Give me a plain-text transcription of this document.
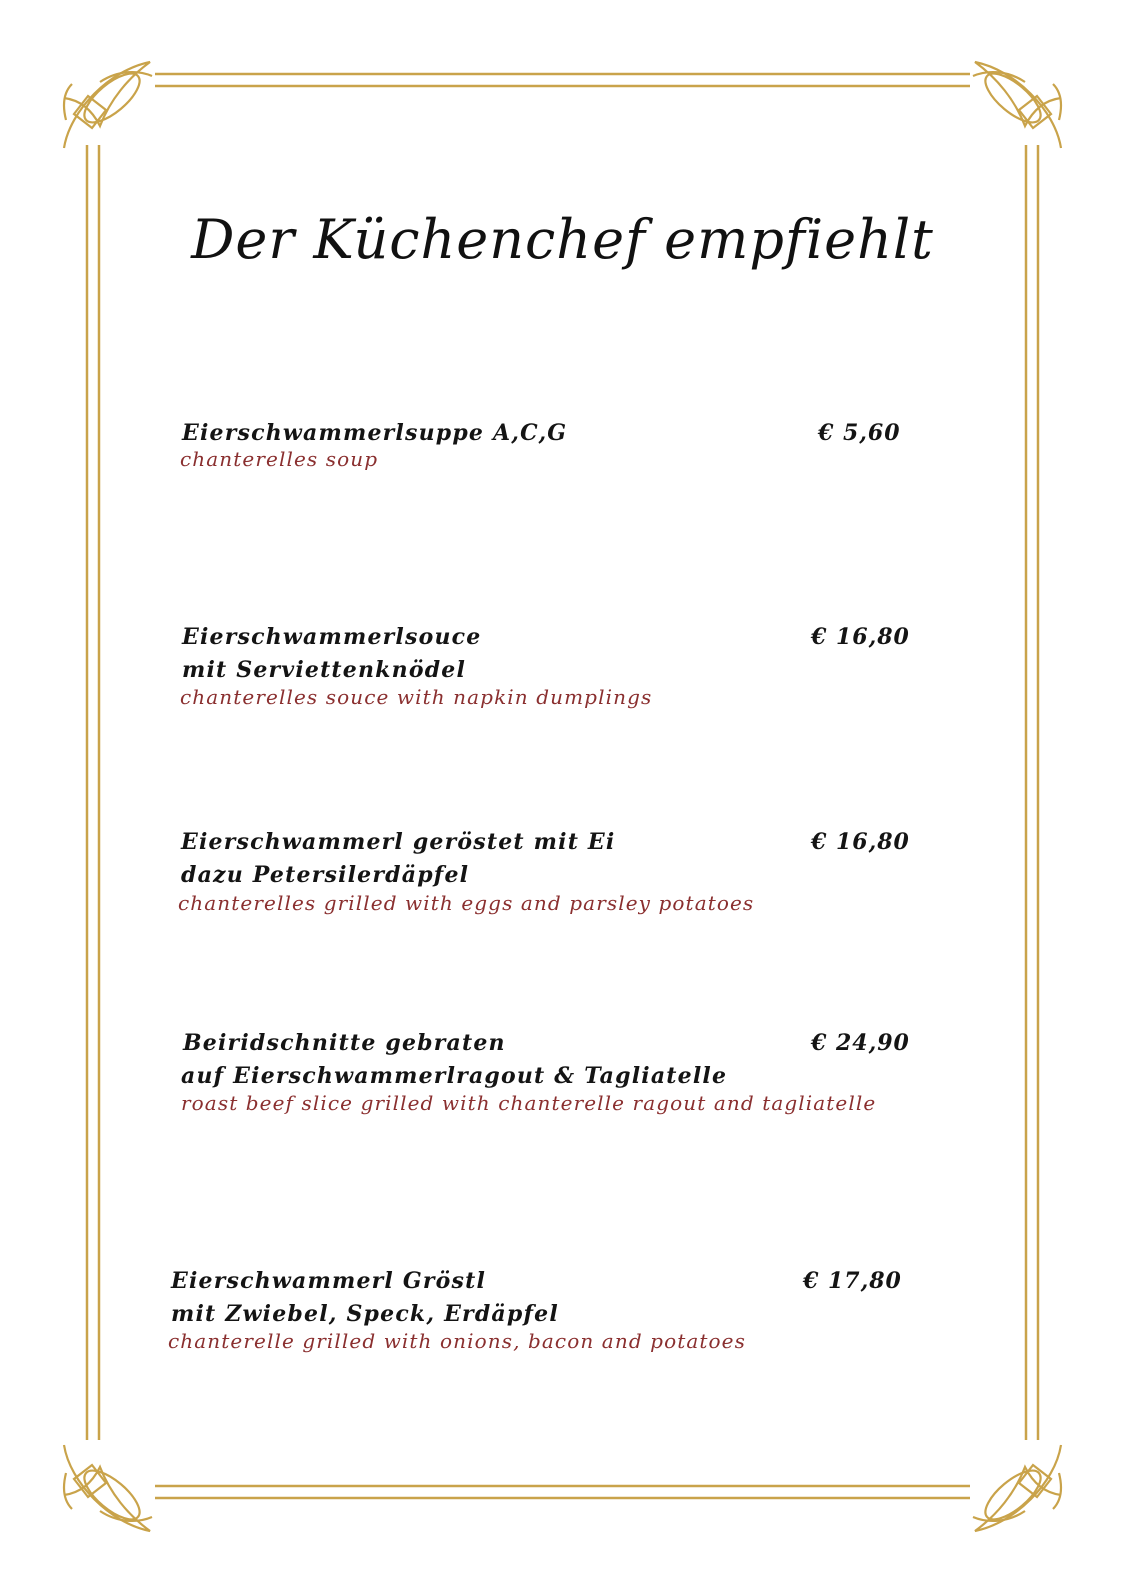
Der Küchenchef empfiehlt
Eierschwammerlsuppe A,C,G
chanterelles soup
€ 5,60
Eierschwammerlsouce
mit Serviettenknödel
chanterelles souce with napkin dumplings
€ 16,80
Eierschwammerl geröstet mit Ei
dazu Petersilerdäpfel
chanterelles grilled with eggs and parsley potatoes
€ 16,80
Beiridschnitte gebraten
auf Eierschwammerlragout & Tagliatelle
roast beef slice grilled with chanterelle ragout and tagliatelle
€ 24,90
Eierschwammerl Gröstl
mit Zwiebel, Speck, Erdäpfel
chanterelle grilled with onions, bacon and potatoes
€ 17,80
